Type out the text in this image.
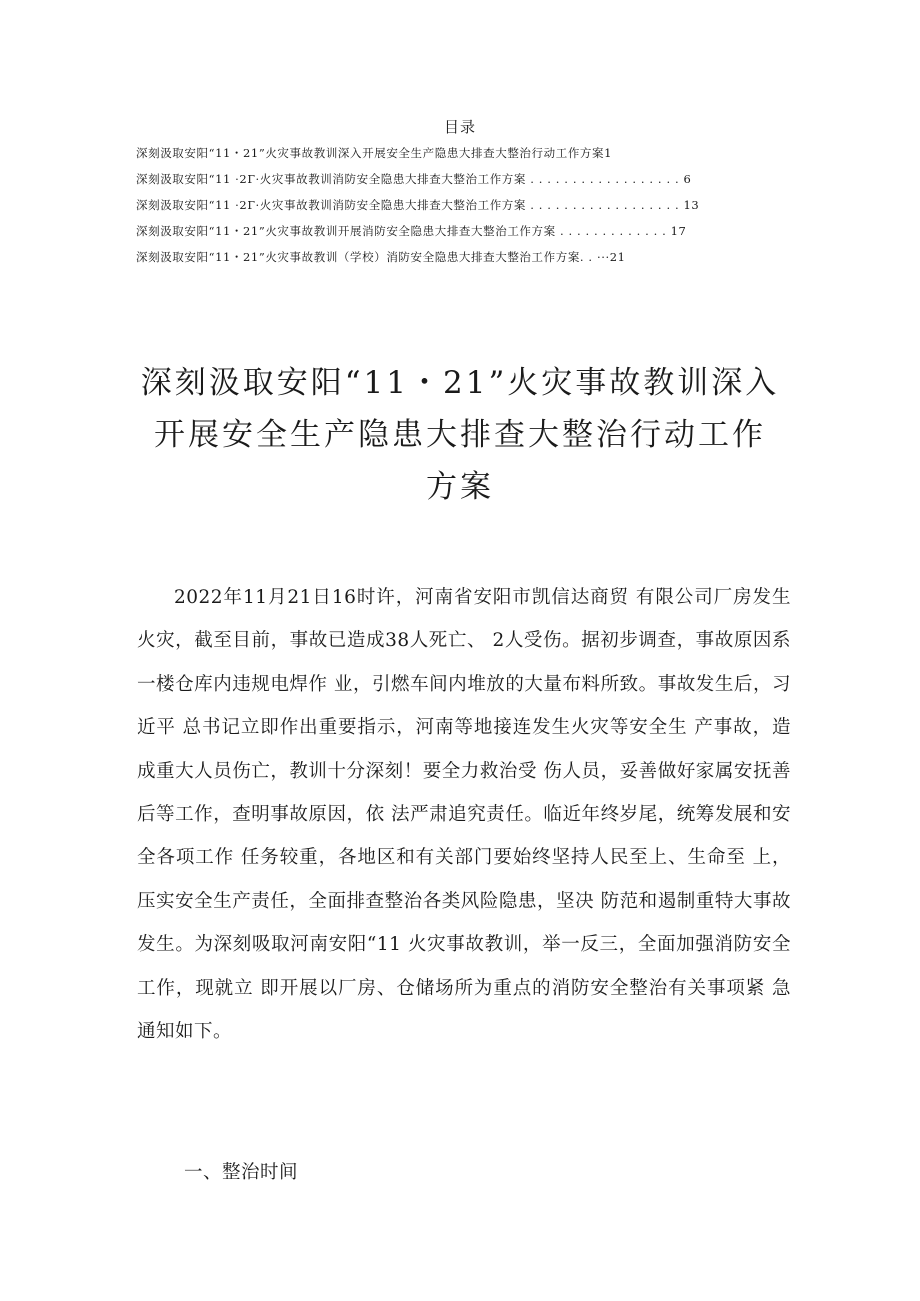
目录
深刻汲取安阳“11・21”火灾事故教训深入开展安全生产隐患大排查大整治行动工作方案1
深刻汲取安阳“11 ·2Г·火灾事故教训消防安全隐患大排查大整治工作方案 . . . . . . . . . . . . . . . . . . 6
深刻汲取安阳“11 ·2Г·火灾事故教训消防安全隐患大排查大整治工作方案 . . . . . . . . . . . . . . . . . . 13
深刻汲取安阳“11・21”火灾事故教训开展消防安全隐患大排查大整治工作方案 . . . . . . . . . . . . . 17
深刻汲取安阳“11・21”火灾事故教训（学校）消防安全隐患大排查大整治工作方案. . ···21
深刻汲取安阳“11・21”火灾事故教训深入
开展安全生产隐患大排查大整治行动工作
方案
2022年11月21日16时许，河南省安阳市凯信达商贸 有限公司厂房发生火灾，截至目前，事故已造成38人死亡、 2人受伤。据初步调查，事故原因系一楼仓库内违规电焊作 业，引燃车间内堆放的大量布料所致。事故发生后，习近平 总书记立即作出重要指示，河南等地接连发生火灾等安全生 产事故，造成重大人员伤亡，教训十分深刻！要全力救治受 伤人员，妥善做好家属安抚善后等工作，查明事故原因，依 法严肃追究责任。临近年终岁尾，统筹发展和安全各项工作 任务较重，各地区和有关部门要始终坚持人民至上、生命至 上，压实安全生产责任，全面排查整治各类风险隐患，坚决 防范和遏制重特大事故发生。为深刻吸取河南安阳“11 火灾事故教训，举一反三，全面加强消防安全工作，现就立 即开展以厂房、仓储场所为重点的消防安全整治有关事项紧 急通知如下。
一、整治时间
